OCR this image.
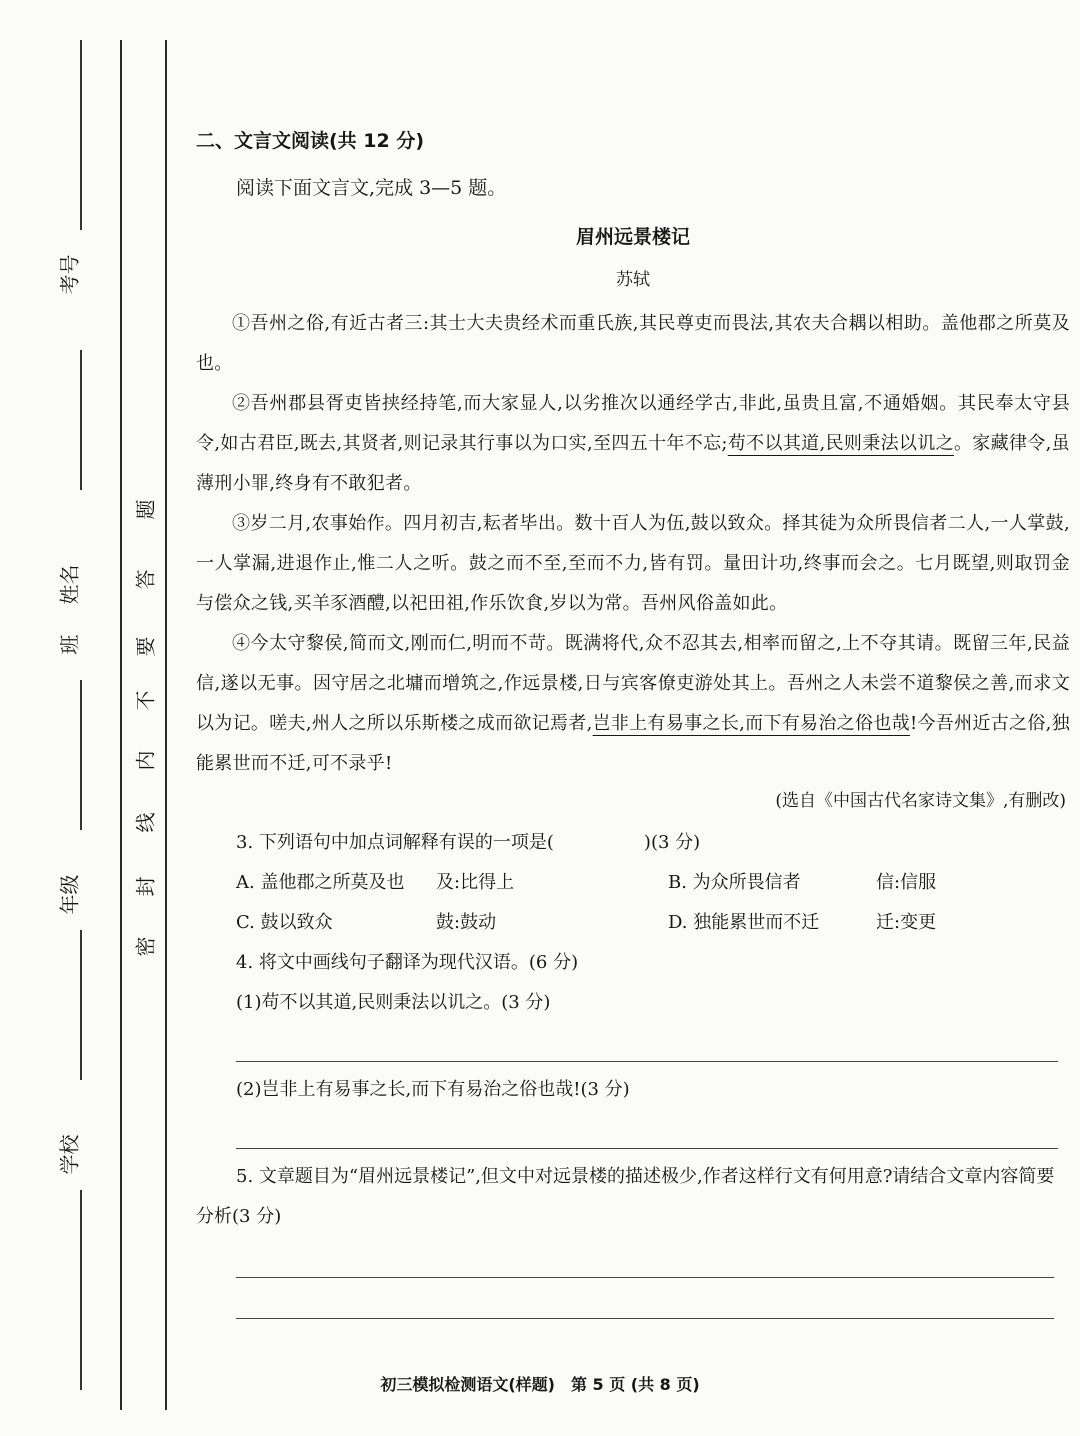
考号
姓名
班
年级
学校
题
答
要
不
内
线
封
密
二、文言文阅读(共 12 分)
阅读下面文言文,完成 3—5 题。
眉州远景楼记
苏轼

①吾州之俗,有近古者三:其士大夫贵经术而重氏族,其民尊吏而畏法,其农夫合耦以相助。盖他郡之所莫及也。

②吾州郡县胥吏皆挟经持笔,而大家显人,以劣推次以通经学古,非此,虽贵且富,不通婚姻。其民奉太守县令,如古君臣,既去,其贤者,则记录其行事以为口实,至四五十年不忘;苟不以其道,民则秉法以讥之。家藏律令,虽薄刑小罪,终身有不敢犯者。

③岁二月,农事始作。四月初吉,耘者毕出。数十百人为伍,鼓以致众。择其徒为众所畏信者二人,一人掌鼓,一人掌漏,进退作止,惟二人之听。鼓之而不至,至而不力,皆有罚。量田计功,终事而会之。七月既望,则取罚金与偿众之钱,买羊豕酒醴,以祀田祖,作乐饮食,岁以为常。吾州风俗盖如此。

④今太守黎侯,简而文,刚而仁,明而不苛。既满将代,众不忍其去,相率而留之,上不夺其请。既留三年,民益信,遂以无事。因守居之北墉而增筑之,作远景楼,日与宾客僚吏游处其上。吾州之人未尝不道黎侯之善,而求文以为记。嗟夫,州人之所以乐斯楼之成而欲记焉者,岂非上有易事之长,而下有易治之俗也哉!今吾州近古之俗,独能累世而不迁,可不录乎!

(选自《中国古代名家诗文集》,有删改)

3. 下列语句中加点词解释有误的一项是(　　　　　)(3 分)

A. 盖他郡之所莫及也	及:比得上	B. 为众所畏信者	信:信服
C. 鼓以致众	鼓:鼓动	D. 独能累世而不迁	迁:变更

4. 将文中画线句子翻译为现代汉语。(6 分)

(1)苟不以其道,民则秉法以讥之。(3 分)

(2)岂非上有易事之长,而下有易治之俗也哉!(3 分)

5. 文章题目为“眉州远景楼记”,但文中对远景楼的描述极少,作者这样行文有何用意?请结合文章内容简要分析(3 分)

初三模拟检测语文(样题)　第 5 页 (共 8 页)
